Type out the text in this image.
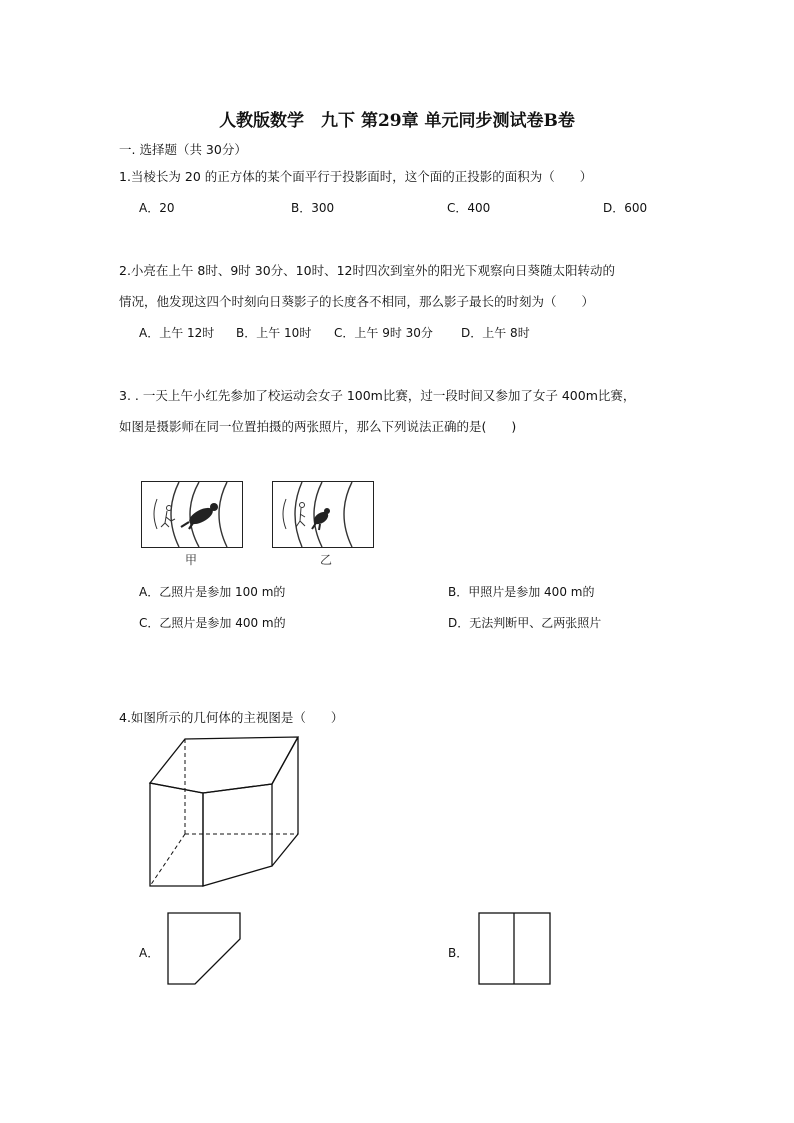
人教版数学　九下 第29章 单元同步测试卷B卷
一. 选择题（共 30分）
1.当棱长为 20 的正方体的某个面平行于投影面时，这个面的正投影的面积为（　　）
A．20	B．300	C．400	D．600
2.小亮在上午 8时、9时 30分、10时、12时四次到室外的阳光下观察向日葵随太阳转动的
情况，他发现这四个时刻向日葵影子的长度各不相同，那么影子最长的时刻为（　　）
A．上午 12时 B．上午 10时 C．上午 9时 30分 D．上午 8时
3. . 一天上午小红先参加了校运动会女子 100m比赛，过一段时间又参加了女子 400m比赛，
如图是摄影师在同一位置拍摄的两张照片，那么下列说法正确的是(　　)
甲	乙
A．乙照片是参加 100 m的	B．甲照片是参加 400 m的
C．乙照片是参加 400 m的	D．无法判断甲、乙两张照片
4.如图所示的几何体的主视图是（　　）
A．	B．
